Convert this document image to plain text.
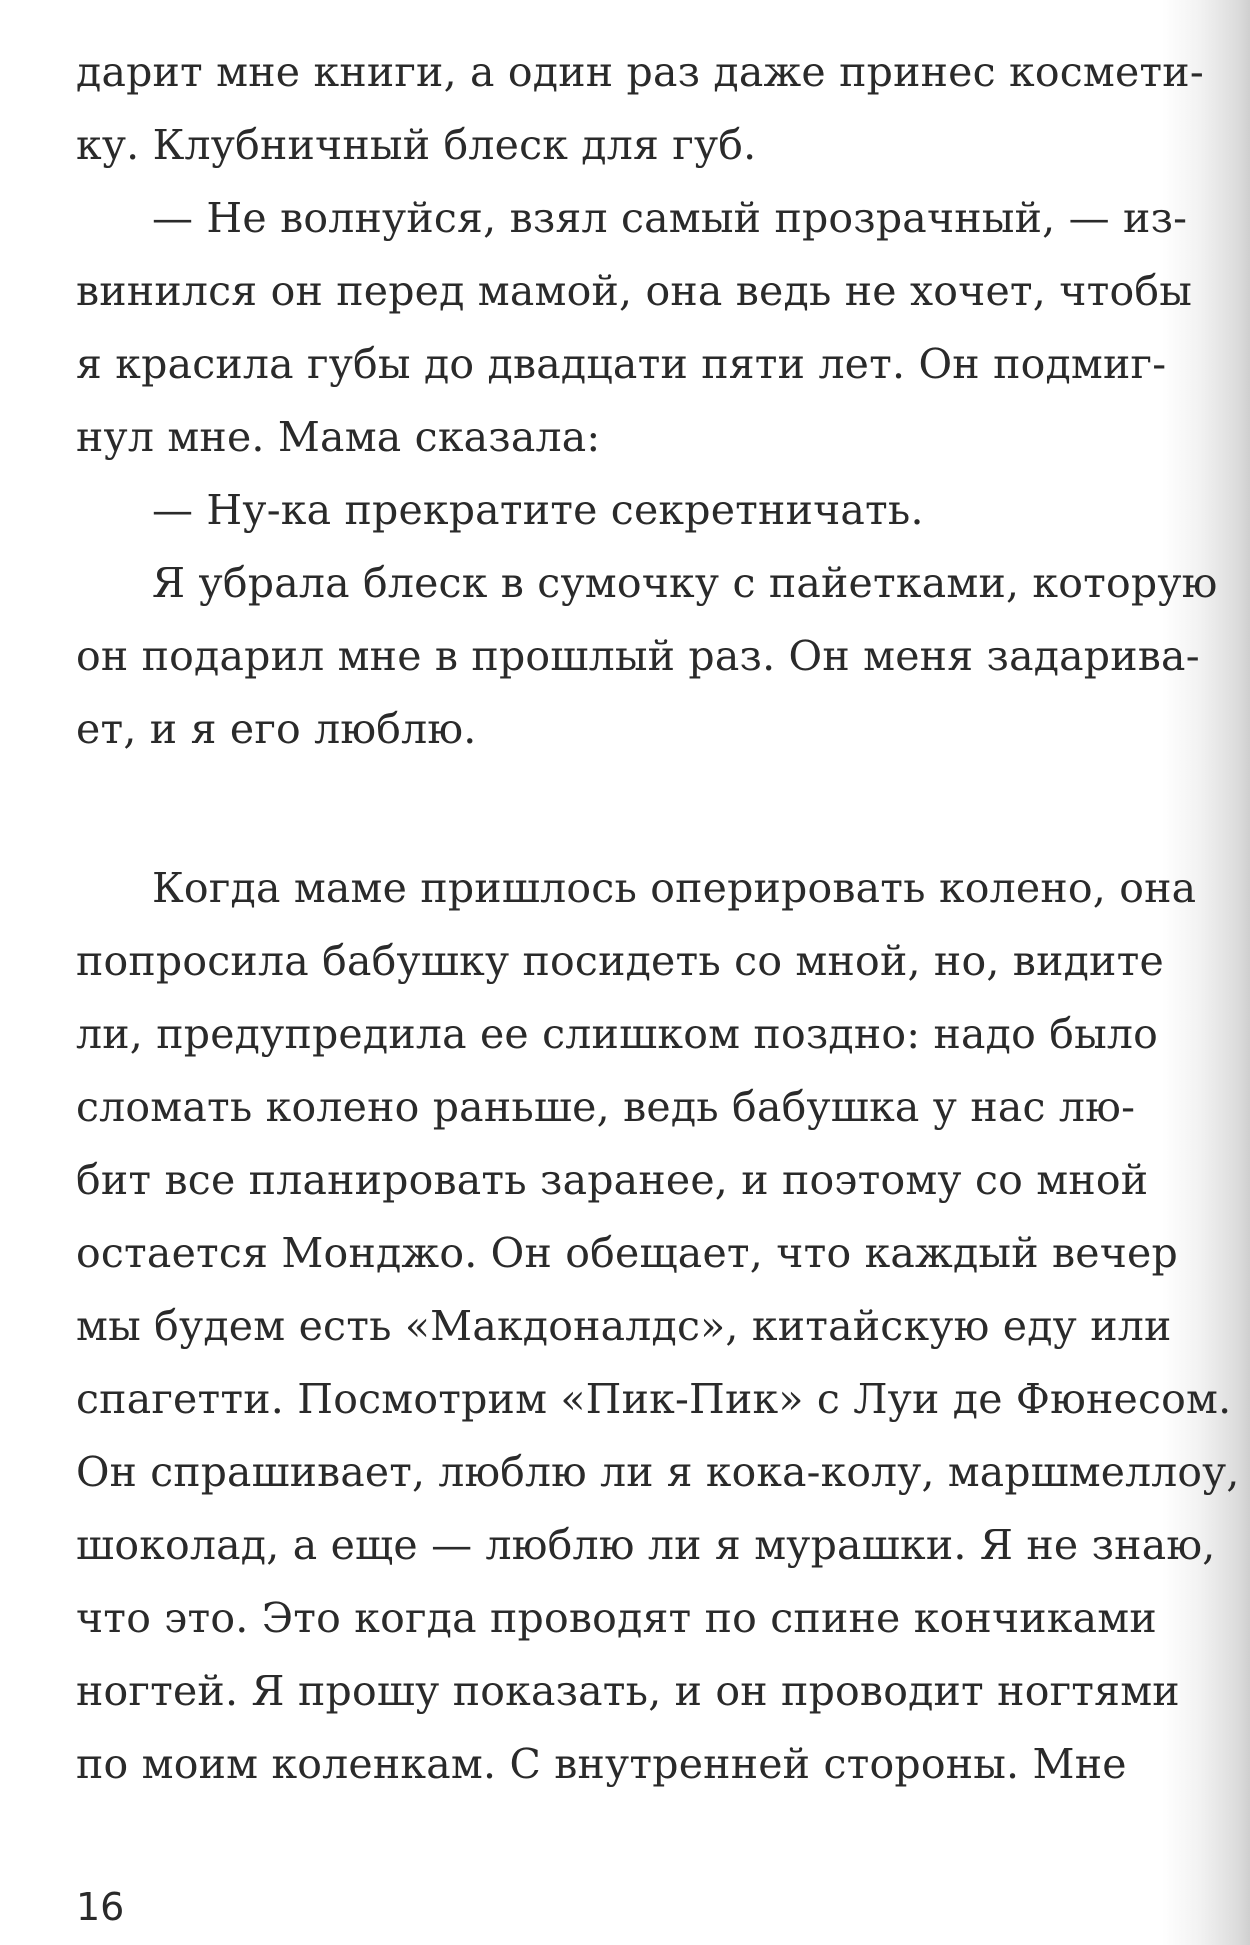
дарит мне книги, а один раз даже принес космети-
ку. Клубничный блеск для губ.
— Не волнуйся, взял самый прозрачный, — из-
винился он перед мамой, она ведь не хочет, чтобы
я красила губы до двадцати пяти лет. Он подмиг-
нул мне. Мама сказала:
— Ну-ка прекратите секретничать.
Я убрала блеск в сумочку с пайетками, которую
он подарил мне в прошлый раз. Он меня задарива-
ет, и я его люблю.
Когда маме пришлось оперировать колено, она
попросила бабушку посидеть со мной, но, видите
ли, предупредила ее слишком поздно: надо было
сломать колено раньше, ведь бабушка у нас лю-
бит все планировать заранее, и поэтому со мной
остается Монджо. Он обещает, что каждый вечер
мы будем есть «Макдоналдс», китайскую еду или
спагетти. Посмотрим «Пик-Пик» с Луи де Фюнесом.
Он спрашивает, люблю ли я кока-колу, маршмеллоу,
шоколад, а еще — люблю ли я мурашки. Я не знаю,
что это. Это когда проводят по спине кончиками
ногтей. Я прошу показать, и он проводит ногтями
по моим коленкам. С внутренней стороны. Мне
16
